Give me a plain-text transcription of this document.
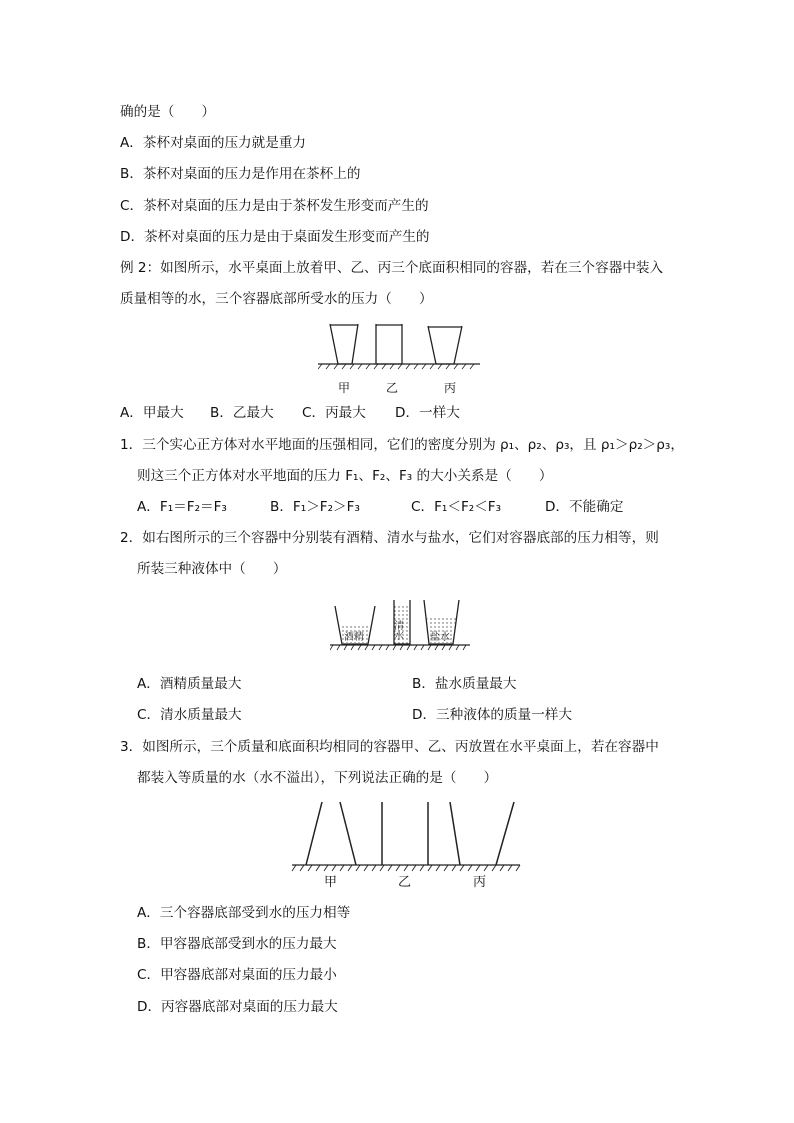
确的是（　　）
A．茶杯对桌面的压力就是重力
B．茶杯对桌面的压力是作用在茶杯上的
C．茶杯对桌面的压力是由于茶杯发生形变而产生的
D．茶杯对桌面的压力是由于桌面发生形变而产生的
例 2：如图所示，水平桌面上放着甲、乙、丙三个底面积相同的容器，若在三个容器中装入
质量相等的水，三个容器底部所受水的压力（　　）
甲	乙	丙
A．甲最大 B．乙最大 C．丙最大 D．一样大
1．三个实心正方体对水平地面的压强相同，它们的密度分别为 ρ₁、ρ₂、ρ₃，且 ρ₁＞ρ₂＞ρ₃，
则这三个正方体对水平地面的压力 F₁、F₂、F₃ 的大小关系是（　　）
A．F₁＝F₂＝F₃	B．F₁＞F₂＞F₃	C．F₁＜F₂＜F₃	D．不能确定
2．如右图所示的三个容器中分别装有酒精、清水与盐水，它们对容器底部的压力相等，则
所装三种液体中（　　）
酒精	清水	盐水
A．酒精质量最大	B．盐水质量最大
C．清水质量最大	D．三种液体的质量一样大
3．如图所示，三个质量和底面积均相同的容器甲、乙、丙放置在水平桌面上，若在容器中
都装入等质量的水（水不溢出），下列说法正确的是（　　）
甲	乙	丙
A．三个容器底部受到水的压力相等
B．甲容器底部受到水的压力最大
C．甲容器底部对桌面的压力最小
D．丙容器底部对桌面的压力最大
